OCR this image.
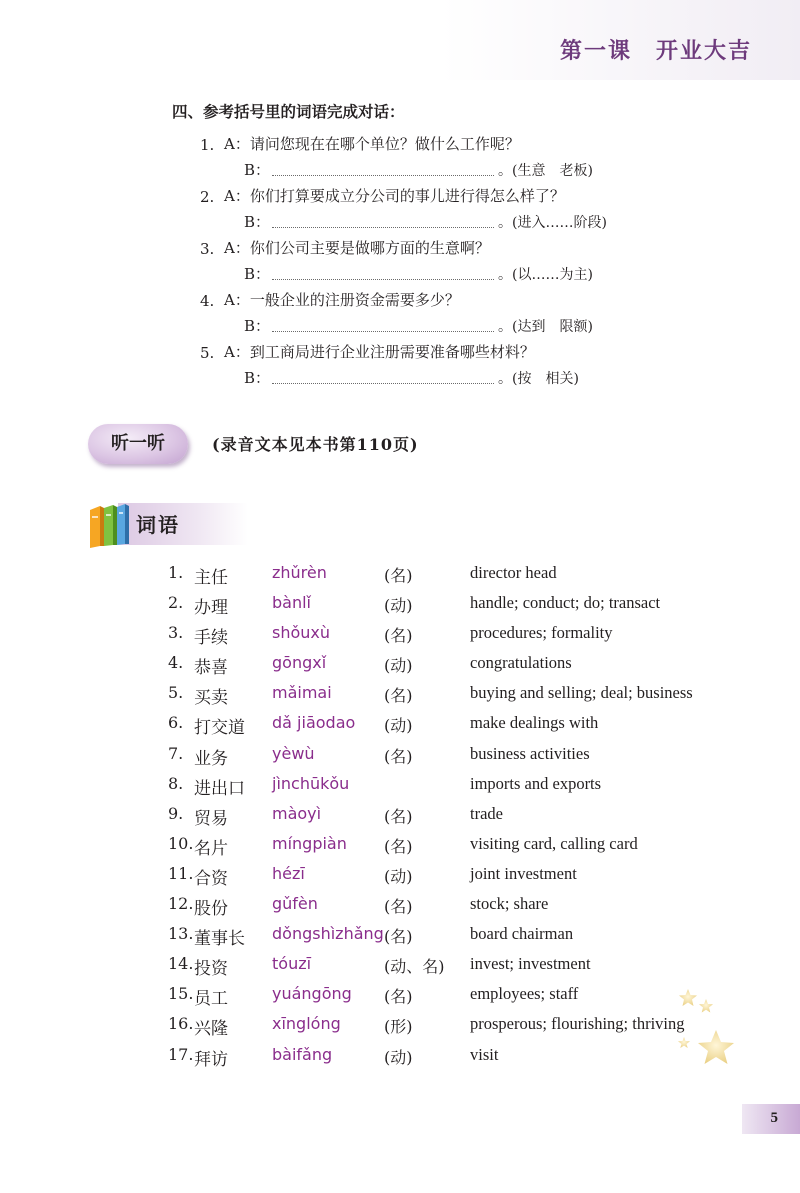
第一课　开业大吉
四、参考括号里的词语完成对话：
1. A：请问您现在在哪个单位？做什么工作呢？
B：	。(生意　老板)
2. A：你们打算要成立分公司的事儿进行得怎么样了？
B：	。(进入……阶段)
3. A：你们公司主要是做哪方面的生意啊？
B：	。(以……为主)
4. A：一般企业的注册资金需要多少？
B：	。(达到　限额)
5. A：到工商局进行企业注册需要准备哪些材料？
B：	。(按　相关)
听一听	(录音文本见本书第110页)
词语
1. 主任	zhǔrèn	(名)	director head
2. 办理	bànlǐ	(动)	handle; conduct; do; transact
3. 手续	shǒuxù	(名)	procedures; formality
4. 恭喜	gōngxǐ	(动)	congratulations
5. 买卖	mǎimai	(名)	buying and selling; deal; business
6. 打交道 dǎ jiāodao (动)	make dealings with
7. 业务	yèwù	(名)	business activities
8. 进出口 jìnchūkǒu	imports and exports
9. 贸易	màoyì	(名)	trade
10. 名片	míngpiàn (名)	visiting card, calling card
11. 合资	hézī	(动)	joint investment
12. 股份	gǔfèn	(名)	stock; share
13. 董事长 dǒngshìzhǎng (名)	board chairman
14. 投资	tóuzī	(动、名) invest; investment
15. 员工	yuángōng (名)	employees; staff
16. 兴隆	xīnglóng	(形)	prosperous; flourishing; thriving
17. 拜访	bàifǎng	(动)	visit
5
